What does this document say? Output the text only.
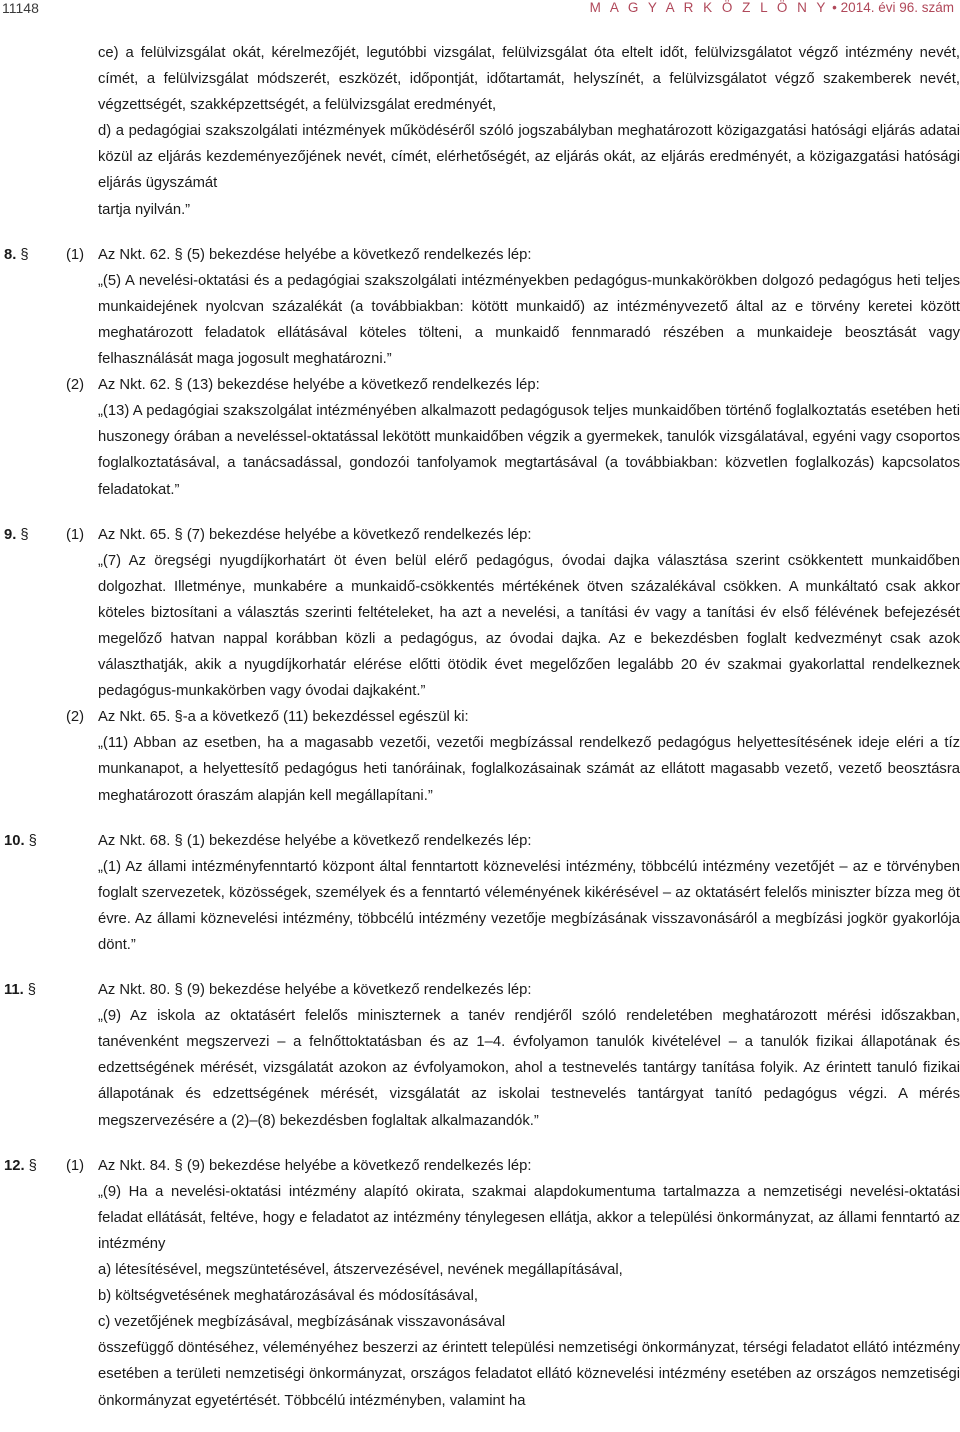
11148	M A G Y A R K Ö Z L Ö N Y • 2014. évi 96. szám
ce) a felülvizsgálat okát, kérelmezőjét, legutóbbi vizsgálat, felülvizsgálat óta eltelt időt, felülvizsgálatot végző intézmény nevét, címét, a felülvizsgálat módszerét, eszközét, időpontját, időtartamát, helyszínét, a felülvizsgálatot végző szakemberek nevét, végzettségét, szakképzettségét, a felülvizsgálat eredményét,
d) a pedagógiai szakszolgálati intézmények működéséről szóló jogszabályban meghatározott közigazgatási hatósági eljárás adatai közül az eljárás kezdeményezőjének nevét, címét, elérhetőségét, az eljárás okát, az eljárás eredményét, a közigazgatási hatósági eljárás ügyszámát
tartja nyilván.”
8. §	(1) Az Nkt. 62. § (5) bekezdése helyébe a következő rendelkezés lép:
„(5) A nevelési-oktatási és a pedagógiai szakszolgálati intézményekben pedagógus-munkakörökben dolgozó pedagógus heti teljes munkaidejének nyolcvan százalékát (a továbbiakban: kötött munkaidő) az intézményvezető által az e törvény keretei között meghatározott feladatok ellátásával köteles tölteni, a munkaidő fennmaradó részében a munkaideje beosztását vagy felhasználását maga jogosult meghatározni.”
(2) Az Nkt. 62. § (13) bekezdése helyébe a következő rendelkezés lép:
„(13) A pedagógiai szakszolgálat intézményében alkalmazott pedagógusok teljes munkaidőben történő foglalkoztatás esetében heti huszonegy órában a neveléssel-oktatással lekötött munkaidőben végzik a gyermekek, tanulók vizsgálatával, egyéni vagy csoportos foglalkoztatásával, a tanácsadással, gondozói tanfolyamok megtartásával (a továbbiakban: közvetlen foglalkozás) kapcsolatos feladatokat.”
9. §	(1) Az Nkt. 65. § (7) bekezdése helyébe a következő rendelkezés lép:
„(7) Az öregségi nyugdíjkorhatárt öt éven belül elérő pedagógus, óvodai dajka választása szerint csökkentett munkaidőben dolgozhat. Illetménye, munkabére a munkaidő-csökkentés mértékének ötven százalékával csökken. A munkáltató csak akkor köteles biztosítani a választás szerinti feltételeket, ha azt a nevelési, a tanítási év vagy a tanítási év első félévének befejezését megelőző hatvan nappal korábban közli a pedagógus, az óvodai dajka. Az e bekezdésben foglalt kedvezményt csak azok választhatják, akik a nyugdíjkorhatár elérése előtti ötödik évet megelőzően legalább 20 év szakmai gyakorlattal rendelkeznek pedagógus-munkakörben vagy óvodai dajkaként.”
(2) Az Nkt. 65. §-a a következő (11) bekezdéssel egészül ki:
„(11) Abban az esetben, ha a magasabb vezetői, vezetői megbízással rendelkező pedagógus helyettesítésének ideje eléri a tíz munkanapot, a helyettesítő pedagógus heti tanóráinak, foglalkozásainak számát az ellátott magasabb vezető, vezető beosztásra meghatározott óraszám alapján kell megállapítani.”
10. §	Az Nkt. 68. § (1) bekezdése helyébe a következő rendelkezés lép:
„(1) Az állami intézményfenntartó központ által fenntartott köznevelési intézmény, többcélú intézmény vezetőjét – az e törvényben foglalt szervezetek, közösségek, személyek és a fenntartó véleményének kikérésével – az oktatásért felelős miniszter bízza meg öt évre. Az állami köznevelési intézmény, többcélú intézmény vezetője megbízásának visszavonásáról a megbízási jogkör gyakorlója dönt.”
11. §	Az Nkt. 80. § (9) bekezdése helyébe a következő rendelkezés lép:
„(9) Az iskola az oktatásért felelős miniszternek a tanév rendjéről szóló rendeletében meghatározott mérési időszakban, tanévenként megszervezi – a felnőttoktatásban és az 1–4. évfolyamon tanulók kivételével – a tanulók fizikai állapotának és edzettségének mérését, vizsgálatát azokon az évfolyamokon, ahol a testnevelés tantárgy tanítása folyik. Az érintett tanuló fizikai állapotának és edzettségének mérését, vizsgálatát az iskolai testnevelés tantárgyat tanító pedagógus végzi. A mérés megszervezésére a (2)–(8) bekezdésben foglaltak alkalmazandók.”
12. § (1) Az Nkt. 84. § (9) bekezdése helyébe a következő rendelkezés lép:
„(9) Ha a nevelési-oktatási intézmény alapító okirata, szakmai alapdokumentuma tartalmazza a nemzetiségi nevelési-oktatási feladat ellátását, feltéve, hogy e feladatot az intézmény ténylegesen ellátja, akkor a települési önkormányzat, az állami fenntartó az intézmény
a) létesítésével, megszüntetésével, átszervezésével, nevének megállapításával,
b) költségvetésének meghatározásával és módosításával,
c) vezetőjének megbízásával, megbízásának visszavonásával
összefüggő döntéséhez, véleményéhez beszerzi az érintett települési nemzetiségi önkormányzat, térségi feladatot ellátó intézmény esetében a területi nemzetiségi önkormányzat, országos feladatot ellátó köznevelési intézmény esetében az országos nemzetiségi önkormányzat egyetértését. Többcélú intézményben, valamint ha
